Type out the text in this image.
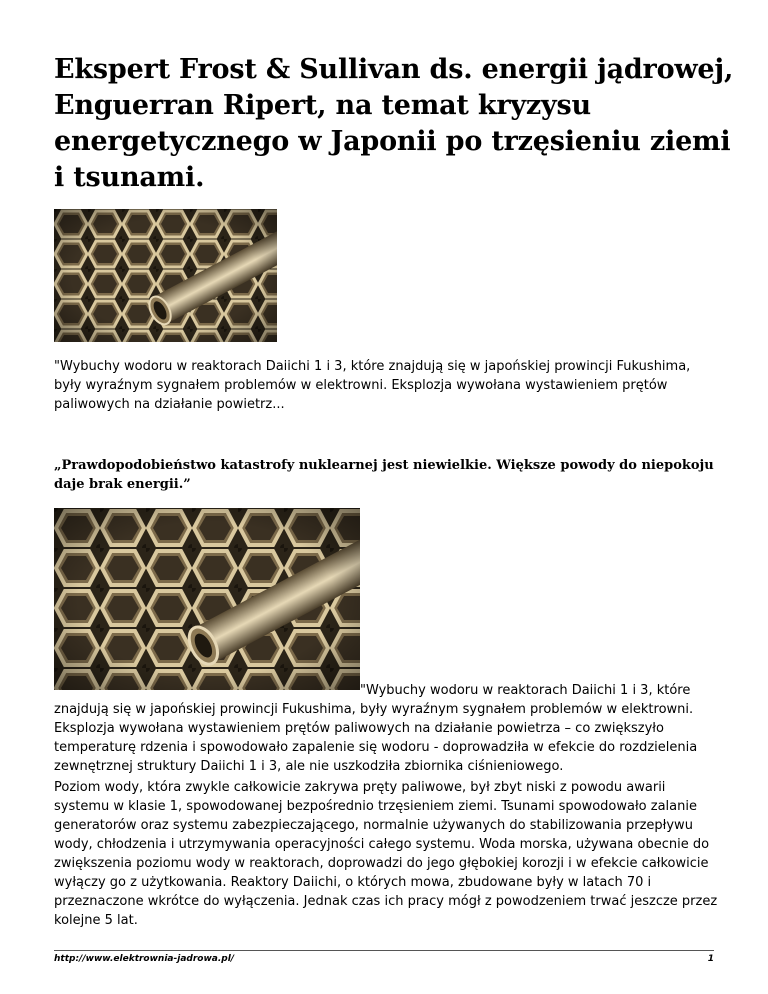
Ekspert Frost & Sullivan ds. energii jądrowej, Enguerran Ripert, na temat kryzysu energetycznego w Japonii po trzęsieniu ziemi i tsunami.

"Wybuchy wodoru w reaktorach Daiichi 1 i 3, które znajdują się w japońskiej prowincji Fukushima, były wyraźnym sygnałem problemów w elektrowni. Eksplozja wywołana wystawieniem prętów paliwowych na działanie powietrz...

„Prawdopodobieństwo katastrofy nuklearnej jest niewielkie. Większe powody do niepokoju daje brak energii.”

"Wybuchy wodoru w reaktorach Daiichi 1 i 3, które

znajdują się w japońskiej prowincji Fukushima, były wyraźnym sygnałem problemów w elektrowni. Eksplozja wywołana wystawieniem prętów paliwowych na działanie powietrza – co zwiększyło temperaturę rdzenia i spowodowało zapalenie się wodoru - doprowadziła w efekcie do rozdzielenia zewnętrznej struktury Daiichi 1 i 3, ale nie uszkodziła zbiornika ciśnieniowego.

Poziom wody, która zwykle całkowicie zakrywa pręty paliwowe, był zbyt niski z powodu awarii systemu w klasie 1, spowodowanej bezpośrednio trzęsieniem ziemi. Tsunami spowodowało zalanie generatorów oraz systemu zabezpieczającego, normalnie używanych do stabilizowania przepływu wody, chłodzenia i utrzymywania operacyjności całego systemu. Woda morska, używana obecnie do zwiększenia poziomu wody w reaktorach, doprowadzi do jego głębokiej korozji i w efekcie całkowicie wyłączy go z użytkowania. Reaktory Daiichi, o których mowa, zbudowane były w latach 70 i przeznaczone wkrótce do wyłączenia. Jednak czas ich pracy mógł z powodzeniem trwać jeszcze przez kolejne 5 lat.

http://www.elektrownia-jadrowa.pl/	1
